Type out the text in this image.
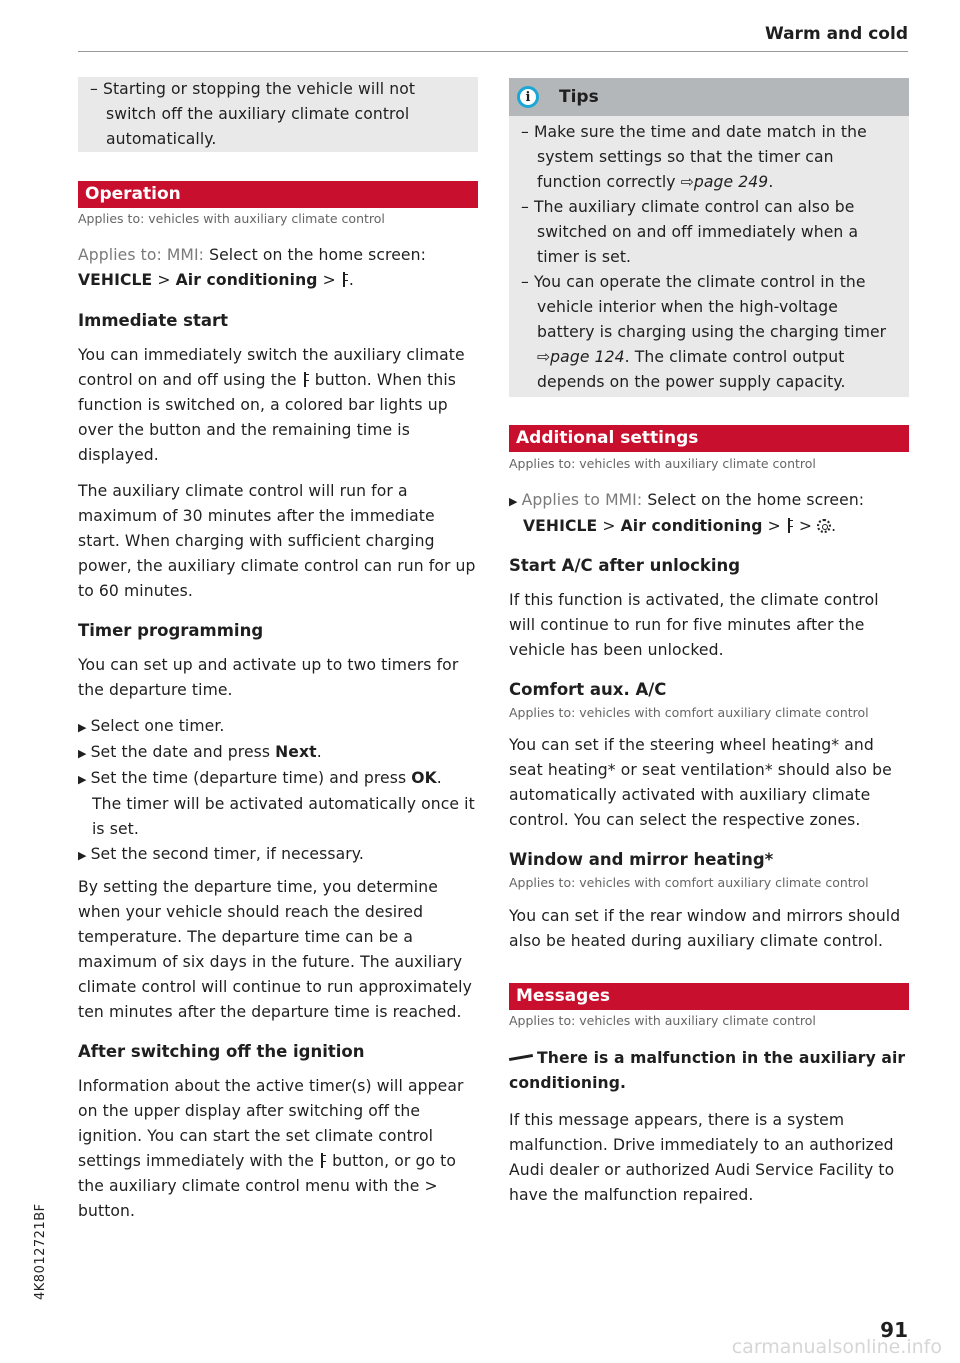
Warm and cold
– Starting or stopping the vehicle will not switch off the auxiliary climate control automatically.
Operation
Applies to: vehicles with auxiliary climate control
Applies to: MMI: Select on the home screen: VEHICLE > Air conditioning > .
Immediate start
You can immediately switch the auxiliary climate control on and off using the button. When this function is switched on, a colored bar lights up over the button and the remaining time is displayed.
The auxiliary climate control will run for a maximum of 30 minutes after the immediate start. When charging with sufficient charging power, the auxiliary climate control can run for up to 60 minutes.
Timer programming
You can set up and activate up to two timers for the departure time.
▶ Select one timer.
▶ Set the date and press Next.
▶ Set the time (departure time) and press OK.
The timer will be activated automatically once it is set.
▶ Set the second timer, if necessary.
By setting the departure time, you determine when your vehicle should reach the desired temperature. The departure time can be a maximum of six days in the future. The auxiliary climate control will continue to run approximately ten minutes after the departure time is reached.
After switching off the ignition
Information about the active timer(s) will appear on the upper display after switching off the ignition. You can start the set climate control settings immediately with the button, or go to the auxiliary climate control menu with the > button.
i	Tips
– Make sure the time and date match in the system settings so that the timer can function correctly ⇨page 249.
– The auxiliary climate control can also be switched on and off immediately when a timer is set.
– You can operate the climate control in the vehicle interior when the high-voltage battery is charging using the charging timer ⇨page 124. The climate control output depends on the power supply capacity.
Additional settings
Applies to: vehicles with auxiliary climate control
▶ Applies to MMI: Select on the home screen: VEHICLE > Air conditioning > > .
Start A/C after unlocking
If this function is activated, the climate control will continue to run for five minutes after the vehicle has been unlocked.
Comfort aux. A/C
Applies to: vehicles with comfort auxiliary climate control
You can set if the steering wheel heating* and seat heating* or seat ventilation* should also be automatically activated with auxiliary climate control. You can select the respective zones.
Window and mirror heating*
Applies to: vehicles with comfort auxiliary climate control
You can set if the rear window and mirrors should also be heated during auxiliary climate control.
Messages
Applies to: vehicles with auxiliary climate control
There is a malfunction in the auxiliary air conditioning.
If this message appears, there is a system malfunction. Drive immediately to an authorized Audi dealer or authorized Audi Service Facility to have the malfunction repaired.
4K8012721BF
91
carmanualsonline.info
